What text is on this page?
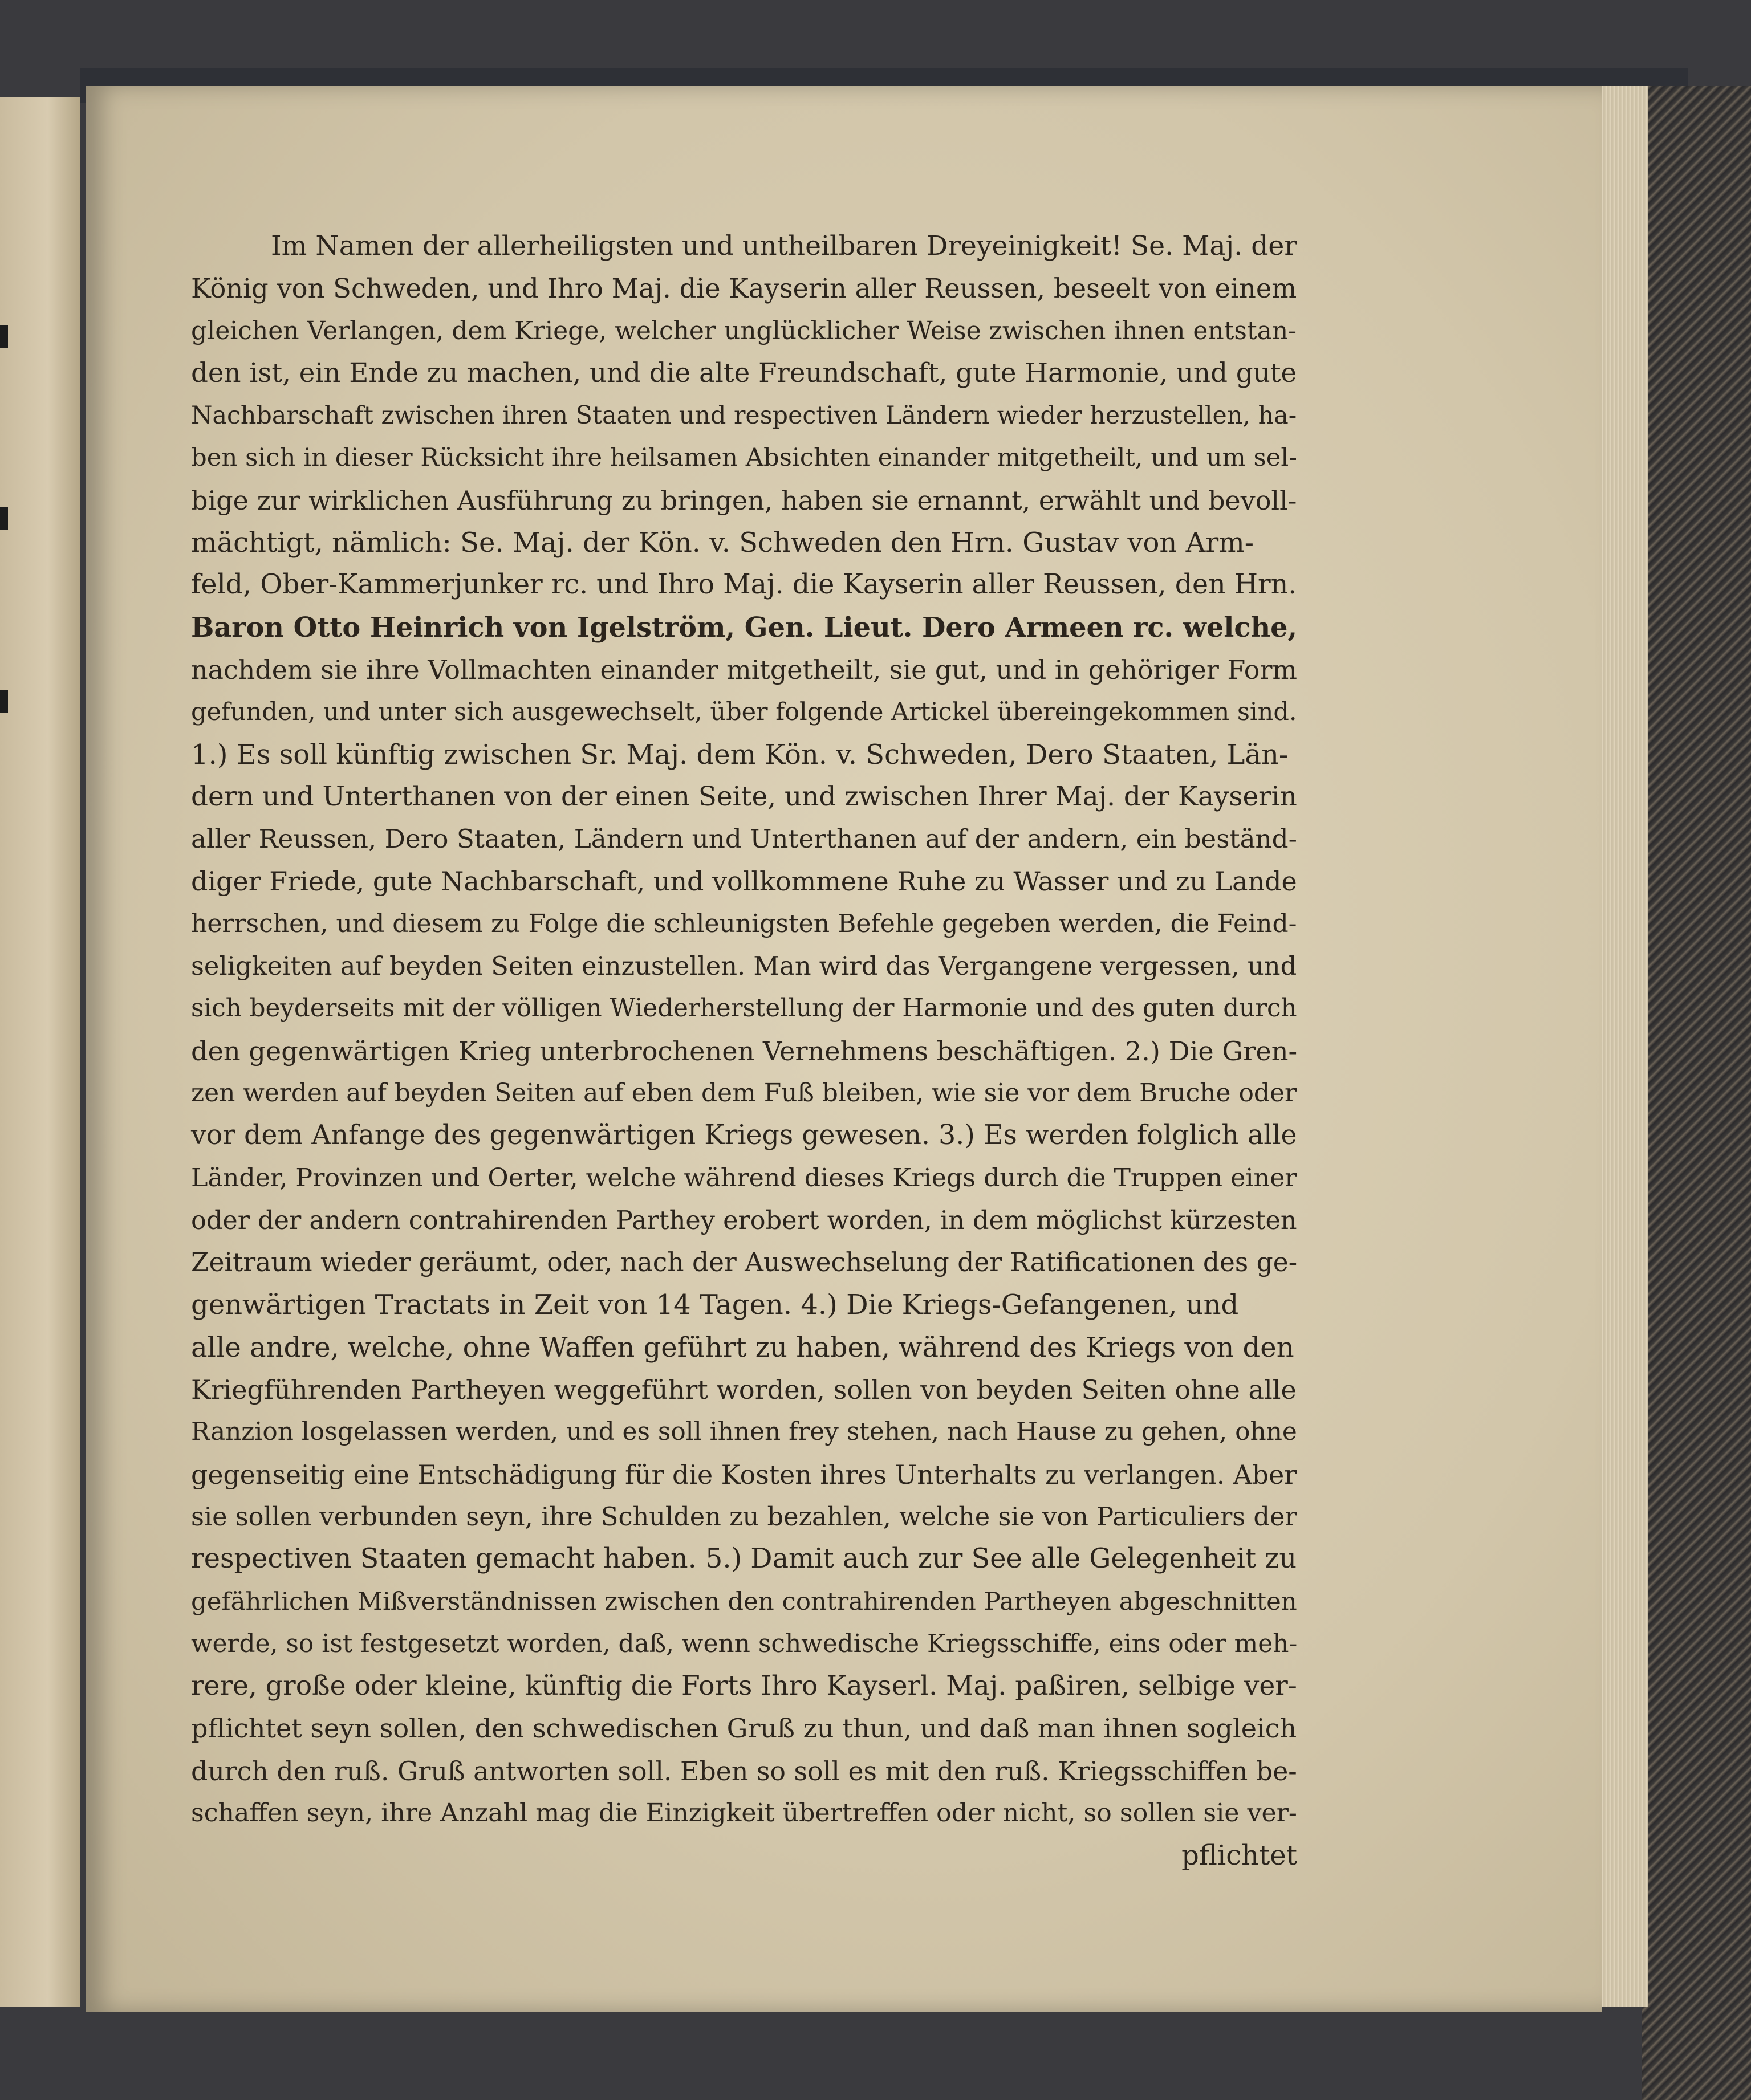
Im Namen der allerheiligsten und untheilbaren Dreyeinigkeit! Se. Maj. der
König von Schweden, und Ihro Maj. die Kayserin aller Reussen, beseelt von einem
gleichen Verlangen, dem Kriege, welcher unglücklicher Weise zwischen ihnen entstan-
den ist, ein Ende zu machen, und die alte Freundschaft, gute Harmonie, und gute
Nachbarschaft zwischen ihren Staaten und respectiven Ländern wieder herzustellen, ha-
ben sich in dieser Rücksicht ihre heilsamen Absichten einander mitgetheilt, und um sel-
bige zur wirklichen Ausführung zu bringen, haben sie ernannt, erwählt und bevoll-
mächtigt, nämlich: Se. Maj. der Kön. v. Schweden den Hrn. Gustav von Arm-
feld, Ober-Kammerjunker rc. und Ihro Maj. die Kayserin aller Reussen, den Hrn.
Baron Otto Heinrich von Igelström, Gen. Lieut. Dero Armeen rc. welche,
nachdem sie ihre Vollmachten einander mitgetheilt, sie gut, und in gehöriger Form
gefunden, und unter sich ausgewechselt, über folgende Artickel übereingekommen sind.
1.) Es soll künftig zwischen Sr. Maj. dem Kön. v. Schweden, Dero Staaten, Län-
dern und Unterthanen von der einen Seite, und zwischen Ihrer Maj. der Kayserin
aller Reussen, Dero Staaten, Ländern und Unterthanen auf der andern, ein beständ-
diger Friede, gute Nachbarschaft, und vollkommene Ruhe zu Wasser und zu Lande
herrschen, und diesem zu Folge die schleunigsten Befehle gegeben werden, die Feind-
seligkeiten auf beyden Seiten einzustellen. Man wird das Vergangene vergessen, und
sich beyderseits mit der völligen Wiederherstellung der Harmonie und des guten durch
den gegenwärtigen Krieg unterbrochenen Vernehmens beschäftigen. 2.) Die Gren-
zen werden auf beyden Seiten auf eben dem Fuß bleiben, wie sie vor dem Bruche oder
vor dem Anfange des gegenwärtigen Kriegs gewesen. 3.) Es werden folglich alle
Länder, Provinzen und Oerter, welche während dieses Kriegs durch die Truppen einer
oder der andern contrahirenden Parthey erobert worden, in dem möglichst kürzesten
Zeitraum wieder geräumt, oder, nach der Auswechselung der Ratificationen des ge-
genwärtigen Tractats in Zeit von 14 Tagen. 4.) Die Kriegs-Gefangenen, und
alle andre, welche, ohne Waffen geführt zu haben, während des Kriegs von den
Kriegführenden Partheyen weggeführt worden, sollen von beyden Seiten ohne alle
Ranzion losgelassen werden, und es soll ihnen frey stehen, nach Hause zu gehen, ohne
gegenseitig eine Entschädigung für die Kosten ihres Unterhalts zu verlangen. Aber
sie sollen verbunden seyn, ihre Schulden zu bezahlen, welche sie von Particuliers der
respectiven Staaten gemacht haben. 5.) Damit auch zur See alle Gelegenheit zu
gefährlichen Mißverständnissen zwischen den contrahirenden Partheyen abgeschnitten
werde, so ist festgesetzt worden, daß, wenn schwedische Kriegsschiffe, eins oder meh-
rere, große oder kleine, künftig die Forts Ihro Kayserl. Maj. paßiren, selbige ver-
pflichtet seyn sollen, den schwedischen Gruß zu thun, und daß man ihnen sogleich
durch den ruß. Gruß antworten soll. Eben so soll es mit den ruß. Kriegsschiffen be-
schaffen seyn, ihre Anzahl mag die Einzigkeit übertreffen oder nicht, so sollen sie ver-
pflichtet
